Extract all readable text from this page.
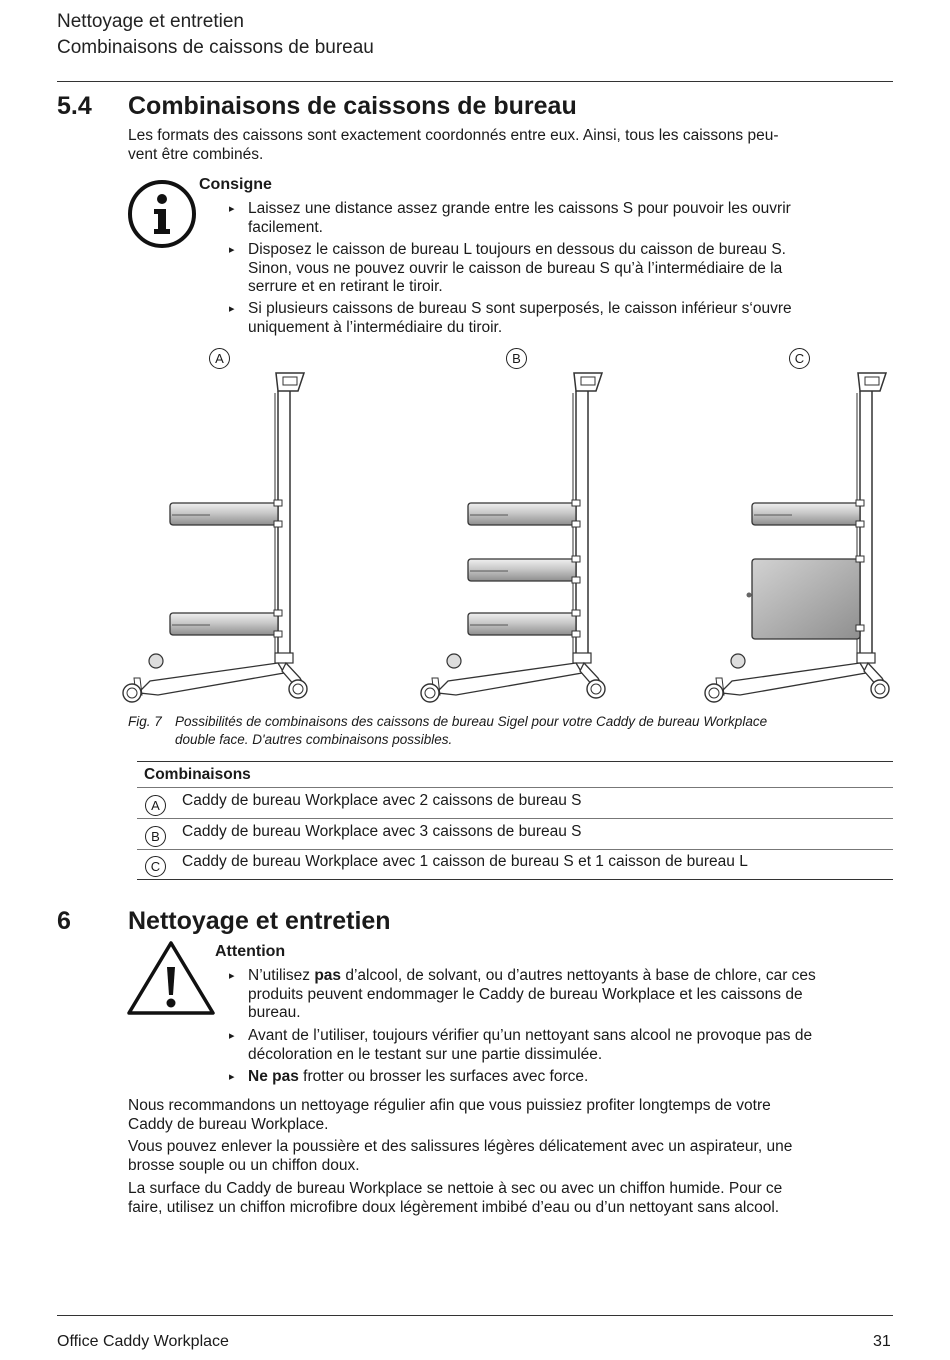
Nettoyage et entretien
Combinaisons de caissons de bureau
5.4 Combinaisons de caissons de bureau
Les formats des caissons sont exactement coordonnés entre eux. Ainsi, tous les caissons peu-
vent être combinés.
Consigne
▸ Laissez une distance assez grande entre les caissons S pour pouvoir les ouvrir
facilement.
▸ Disposez le caisson de bureau L toujours en dessous du caisson de bureau S.
Sinon, vous ne pouvez ouvrir le caisson de bureau S qu’à l’intermédiaire de la
serrure et en retirant le tiroir.
▸ Si plusieurs caissons de bureau S sont superposés, le caisson inférieur s‘ouvre
uniquement à l’intermédiaire du tiroir.
A	B	C
Fig. 7 Possibilités de combinaisons des caissons de bureau Sigel pour votre Caddy de bureau Workplace
double face. D'autres combinaisons possibles.
Combinaisons
A	Caddy de bureau Workplace avec 2 caissons de bureau S
B	Caddy de bureau Workplace avec 3 caissons de bureau S
C	Caddy de bureau Workplace avec 1 caisson de bureau S et 1 caisson de bureau L
6 Nettoyage et entretien
Attention
▸ N’utilisez pas d’alcool, de solvant, ou d’autres nettoyants à base de chlore, car ces
produits peuvent endommager le Caddy de bureau Workplace et les caissons de
bureau.
▸ Avant de l’utiliser, toujours vérifier qu’un nettoyant sans alcool ne provoque pas de
décoloration en le testant sur une partie dissimulée.
▸ Ne pas frotter ou brosser les surfaces avec force.
Nous recommandons un nettoyage régulier afin que vous puissiez profiter longtemps de votre
Caddy de bureau Workplace.
Vous pouvez enlever la poussière et des salissures légères délicatement avec un aspirateur, une
brosse souple ou un chiffon doux.
La surface du Caddy de bureau Workplace se nettoie à sec ou avec un chiffon humide. Pour ce
faire, utilisez un chiffon microfibre doux légèrement imbibé d’eau ou d’un nettoyant sans alcool.
Office Caddy Workplace	31
